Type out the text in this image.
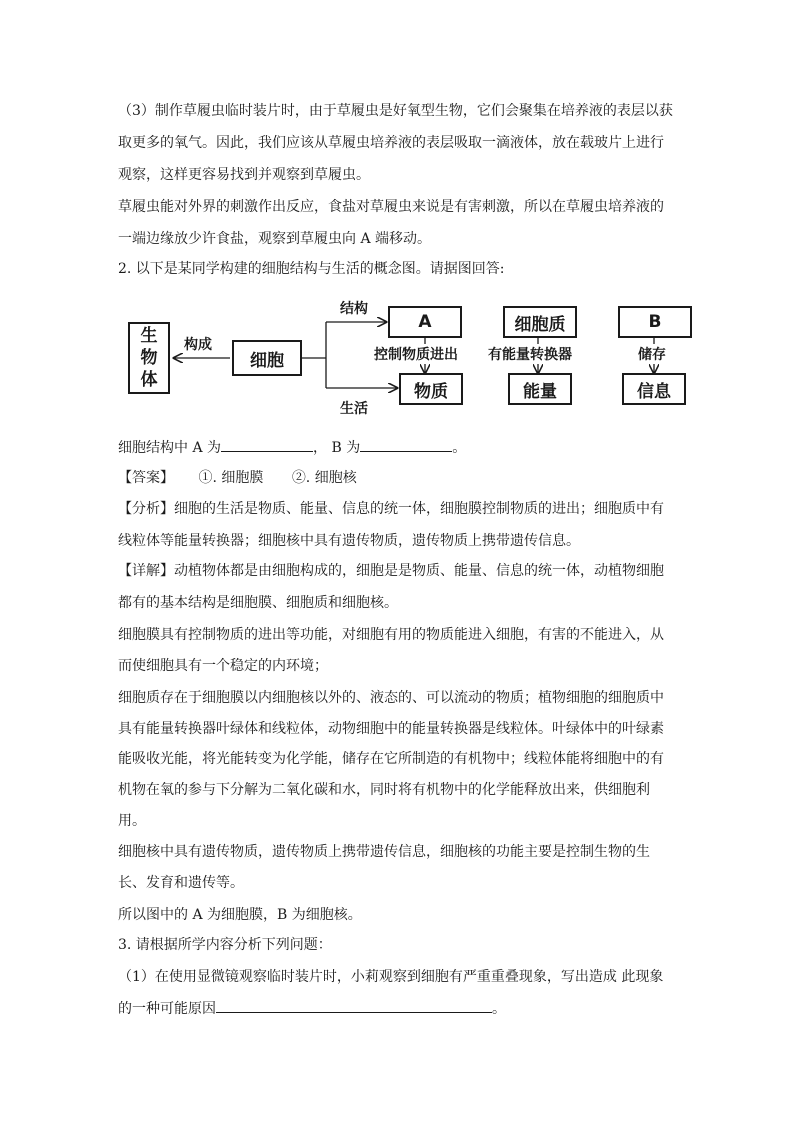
（3）制作草履虫临时装片时，由于草履虫是好氧型生物，它们会聚集在培养液的表层以获
取更多的氧气。因此，我们应该从草履虫培养液的表层吸取一滴液体，放在载玻片上进行
观察，这样更容易找到并观察到草履虫。
草履虫能对外界的刺激作出反应，食盐对草履虫来说是有害刺激，所以在草履虫培养液的
一端边缘放少许食盐，观察到草履虫向 A 端移动。
2. 以下是某同学构建的细胞结构与生活的概念图。请据图回答:
生
物
体
构成
细胞
结构
生活
A	细胞质	B
控制物质进出 有能量转换器	储存
物质	能量	信息
细胞结构中 A 为	， B 为	。
【答案】 ①. 细胞膜 ②. 细胞核
【分析】细胞的生活是物质、能量、信息的统一体，细胞膜控制物质的进出；细胞质中有
线粒体等能量转换器；细胞核中具有遗传物质，遗传物质上携带遗传信息。
【详解】动植物体都是由细胞构成的，细胞是是物质、能量、信息的统一体，动植物细胞
都有的基本结构是细胞膜、细胞质和细胞核。
细胞膜具有控制物质的进出等功能，对细胞有用的物质能进入细胞，有害的不能进入，从
而使细胞具有一个稳定的内环境；
细胞质存在于细胞膜以内细胞核以外的、液态的、可以流动的物质；植物细胞的细胞质中
具有能量转换器叶绿体和线粒体，动物细胞中的能量转换器是线粒体。叶绿体中的叶绿素
能吸收光能，将光能转变为化学能，储存在它所制造的有机物中；线粒体能将细胞中的有
机物在氧的参与下分解为二氧化碳和水，同时将有机物中的化学能释放出来，供细胞利
用。
细胞核中具有遗传物质，遗传物质上携带遗传信息，细胞核的功能主要是控制生物的生
长、发育和遗传等。
所以图中的 A 为细胞膜，B 为细胞核。
3. 请根据所学内容分析下列问题：
（1）在使用显微镜观察临时装片时，小莉观察到细胞有严重重叠现象，写出造成 此现象
的一种可能原因	。
